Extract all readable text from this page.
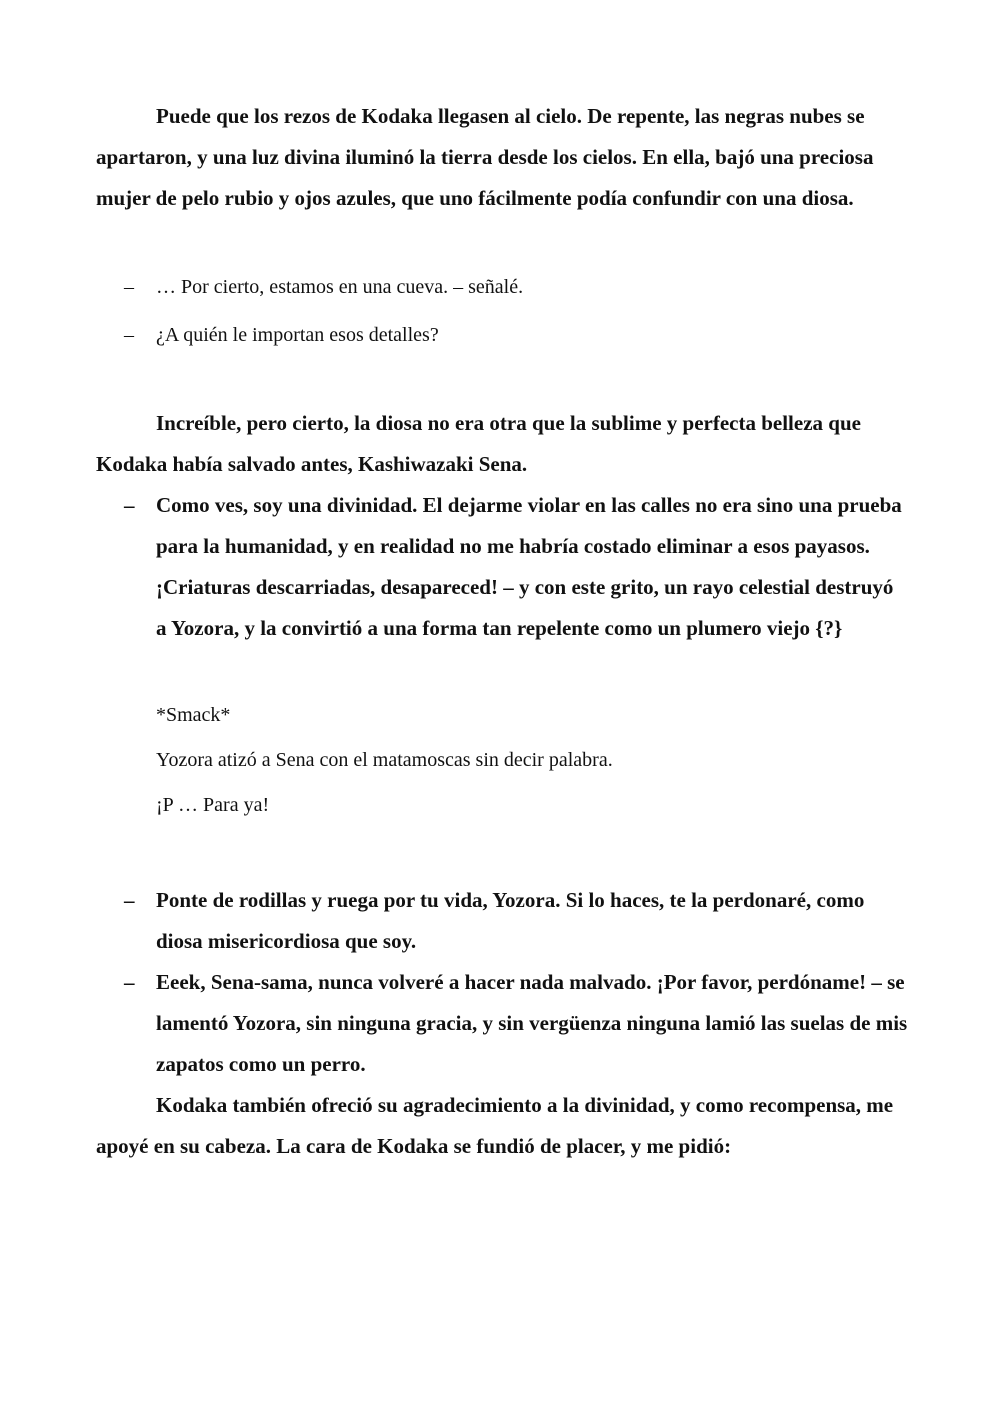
Puede que los rezos de Kodaka llegasen al cielo. De repente, las negras nubes se apartaron, y una luz divina iluminó la tierra desde los cielos. En ella, bajó una preciosa mujer de pelo rubio y ojos azules, que uno fácilmente podía confundir con una diosa.

– … Por cierto, estamos en una cueva. – señalé.

– ¿A quién le importan esos detalles?

Increíble, pero cierto, la diosa no era otra que la sublime y perfecta belleza que Kodaka había salvado antes, Kashiwazaki Sena.

– Como ves, soy una divinidad. El dejarme violar en las calles no era sino una prueba para la humanidad, y en realidad no me habría costado eliminar a esos payasos. ¡Criaturas descarriadas, desapareced! – y con este grito, un rayo celestial destruyó a Yozora, y la convirtió a una forma tan repelente como un plumero viejo {?}

*Smack*

Yozora atizó a Sena con el matamoscas sin decir palabra.

¡P … Para ya!

– Ponte de rodillas y ruega por tu vida, Yozora. Si lo haces, te la perdonaré, como diosa misericordiosa que soy.

– Eeek, Sena-sama, nunca volveré a hacer nada malvado. ¡Por favor, perdóname! – se lamentó Yozora, sin ninguna gracia, y sin vergüenza ninguna lamió las suelas de mis zapatos como un perro.

Kodaka también ofreció su agradecimiento a la divinidad, y como recompensa, me apoyé en su cabeza. La cara de Kodaka se fundió de placer, y me pidió:
